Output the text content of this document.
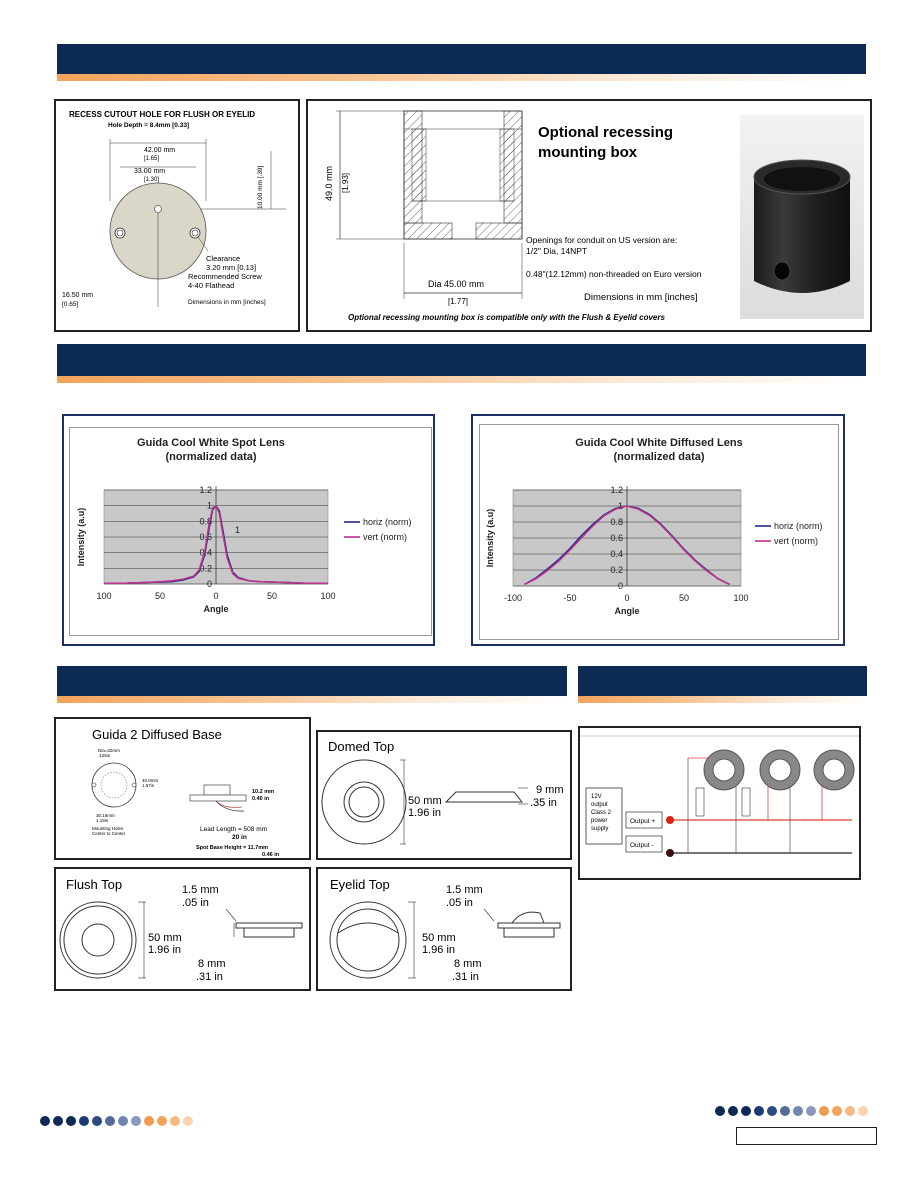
RECESS CUTOUT HOLE FOR FLUSH OR EYELID
Hole Depth = 8.4mm [0.33]
42.00 mm
[1.65]
33.00 mm
[1.30]	10.00 mm [.39]
Clearance
3.20 mm [0.13]
Recommended Screw
4-40 Flathead
16.50 mm
[0.65]	Dimensions in mm [inches]
49.0 mm [1.93]
Dia 45.00 mm
[1.77]
Optional recessing
mounting box
Openings for conduit on US version are:
1/2" Dia, 14NPT
0.48"(12.12mm) non-threaded on Euro version
Dimensions in mm [inches]
Optional recessing mounting box is compatible only with the Flush & Eyelid covers
Guida Cool White Spot Lens
(normalized data)
100	50	0	50	100
1.2
1
0.8
0.6
0.4
0.2
0
horiz (norm)
vert (norm)
1
Angle
Intensity (a.u)
Guida Cool White Diffused Lens
(normalized data)
-100	-50	0	50	100
1.2
1
0.8
0.6
0.4
0.2
0
horiz (norm)
vert (norm)
Angle
Intensity (a.u)
Guida 2 Diffused Base
Dia=32mm
.125in
40.0mm
1.57in
30.16mm
1.19in
Mounting Holes
Center to Center
10.2 mm
0.40 in
Lead Length = 508 mm
20 in
Spot Base Height = 11.7mm
0.46 in
Domed Top
50 mm
1.96 in
9 mm
.35 in
Flush Top
50 mm
1.96 in
1.5 mm
.05 in
8 mm
.31 in
Eyelid Top
50 mm
1.96 in
1.5 mm
.05 in
8 mm
.31 in
12V
output
Class 2
power
supply
Output +
Output -
